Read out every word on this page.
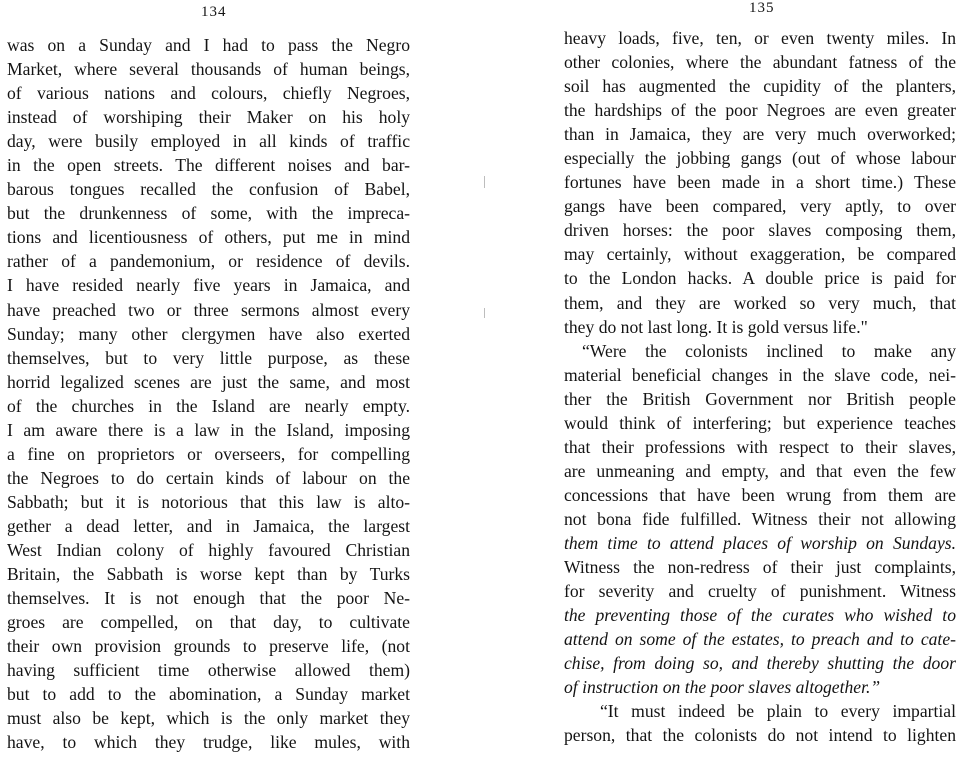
134
was on a Sunday and I had to pass the Negro
Market, where several thousands of human beings,
of various nations and colours, chiefly Negroes,
instead of worshiping their Maker on his holy
day, were busily employed in all kinds of traffic
in the open streets. The different noises and bar-
barous tongues recalled the confusion of Babel,
but the drunkenness of some, with the impreca-
tions and licentiousness of others, put me in mind
rather of a pandemonium, or residence of devils.
I have resided nearly five years in Jamaica, and
have preached two or three sermons almost every
Sunday; many other clergymen have also exerted
themselves, but to very little purpose, as these
horrid legalized scenes are just the same, and most
of the churches in the Island are nearly empty.
I am aware there is a law in the Island, imposing
a fine on proprietors or overseers, for compelling
the Negroes to do certain kinds of labour on the
Sabbath; but it is notorious that this law is alto-
gether a dead letter, and in Jamaica, the largest
West Indian colony of highly favoured Christian
Britain, the Sabbath is worse kept than by Turks
themselves. It is not enough that the poor Ne-
groes are compelled, on that day, to cultivate
their own provision grounds to preserve life, (not
having sufficient time otherwise allowed them)
but to add to the abomination, a Sunday market
must also be kept, which is the only market they
have, to which they trudge, like mules, with
135
heavy loads, five, ten, or even twenty miles. In
other colonies, where the abundant fatness of the
soil has augmented the cupidity of the planters,
the hardships of the poor Negroes are even greater
than in Jamaica, they are very much overworked;
especially the jobbing gangs (out of whose labour
fortunes have been made in a short time.) These
gangs have been compared, very aptly, to over
driven horses: the poor slaves composing them,
may certainly, without exaggeration, be compared
to the London hacks. A double price is paid for
them, and they are worked so very much, that
they do not last long. It is gold versus life."
“Were the colonists inclined to make any
material beneficial changes in the slave code, nei-
ther the British Government nor British people
would think of interfering; but experience teaches
that their professions with respect to their slaves,
are unmeaning and empty, and that even the few
concessions that have been wrung from them are
not bona fide fulfilled. Witness their not allowing
them time to attend places of worship on Sundays.
Witness the non-redress of their just complaints,
for severity and cruelty of punishment. Witness
the preventing those of the curates who wished to
attend on some of the estates, to preach and to cate-
chise, from doing so, and thereby shutting the door
of instruction on the poor slaves altogether.”
“It must indeed be plain to every impartial
person, that the colonists do not intend to lighten
